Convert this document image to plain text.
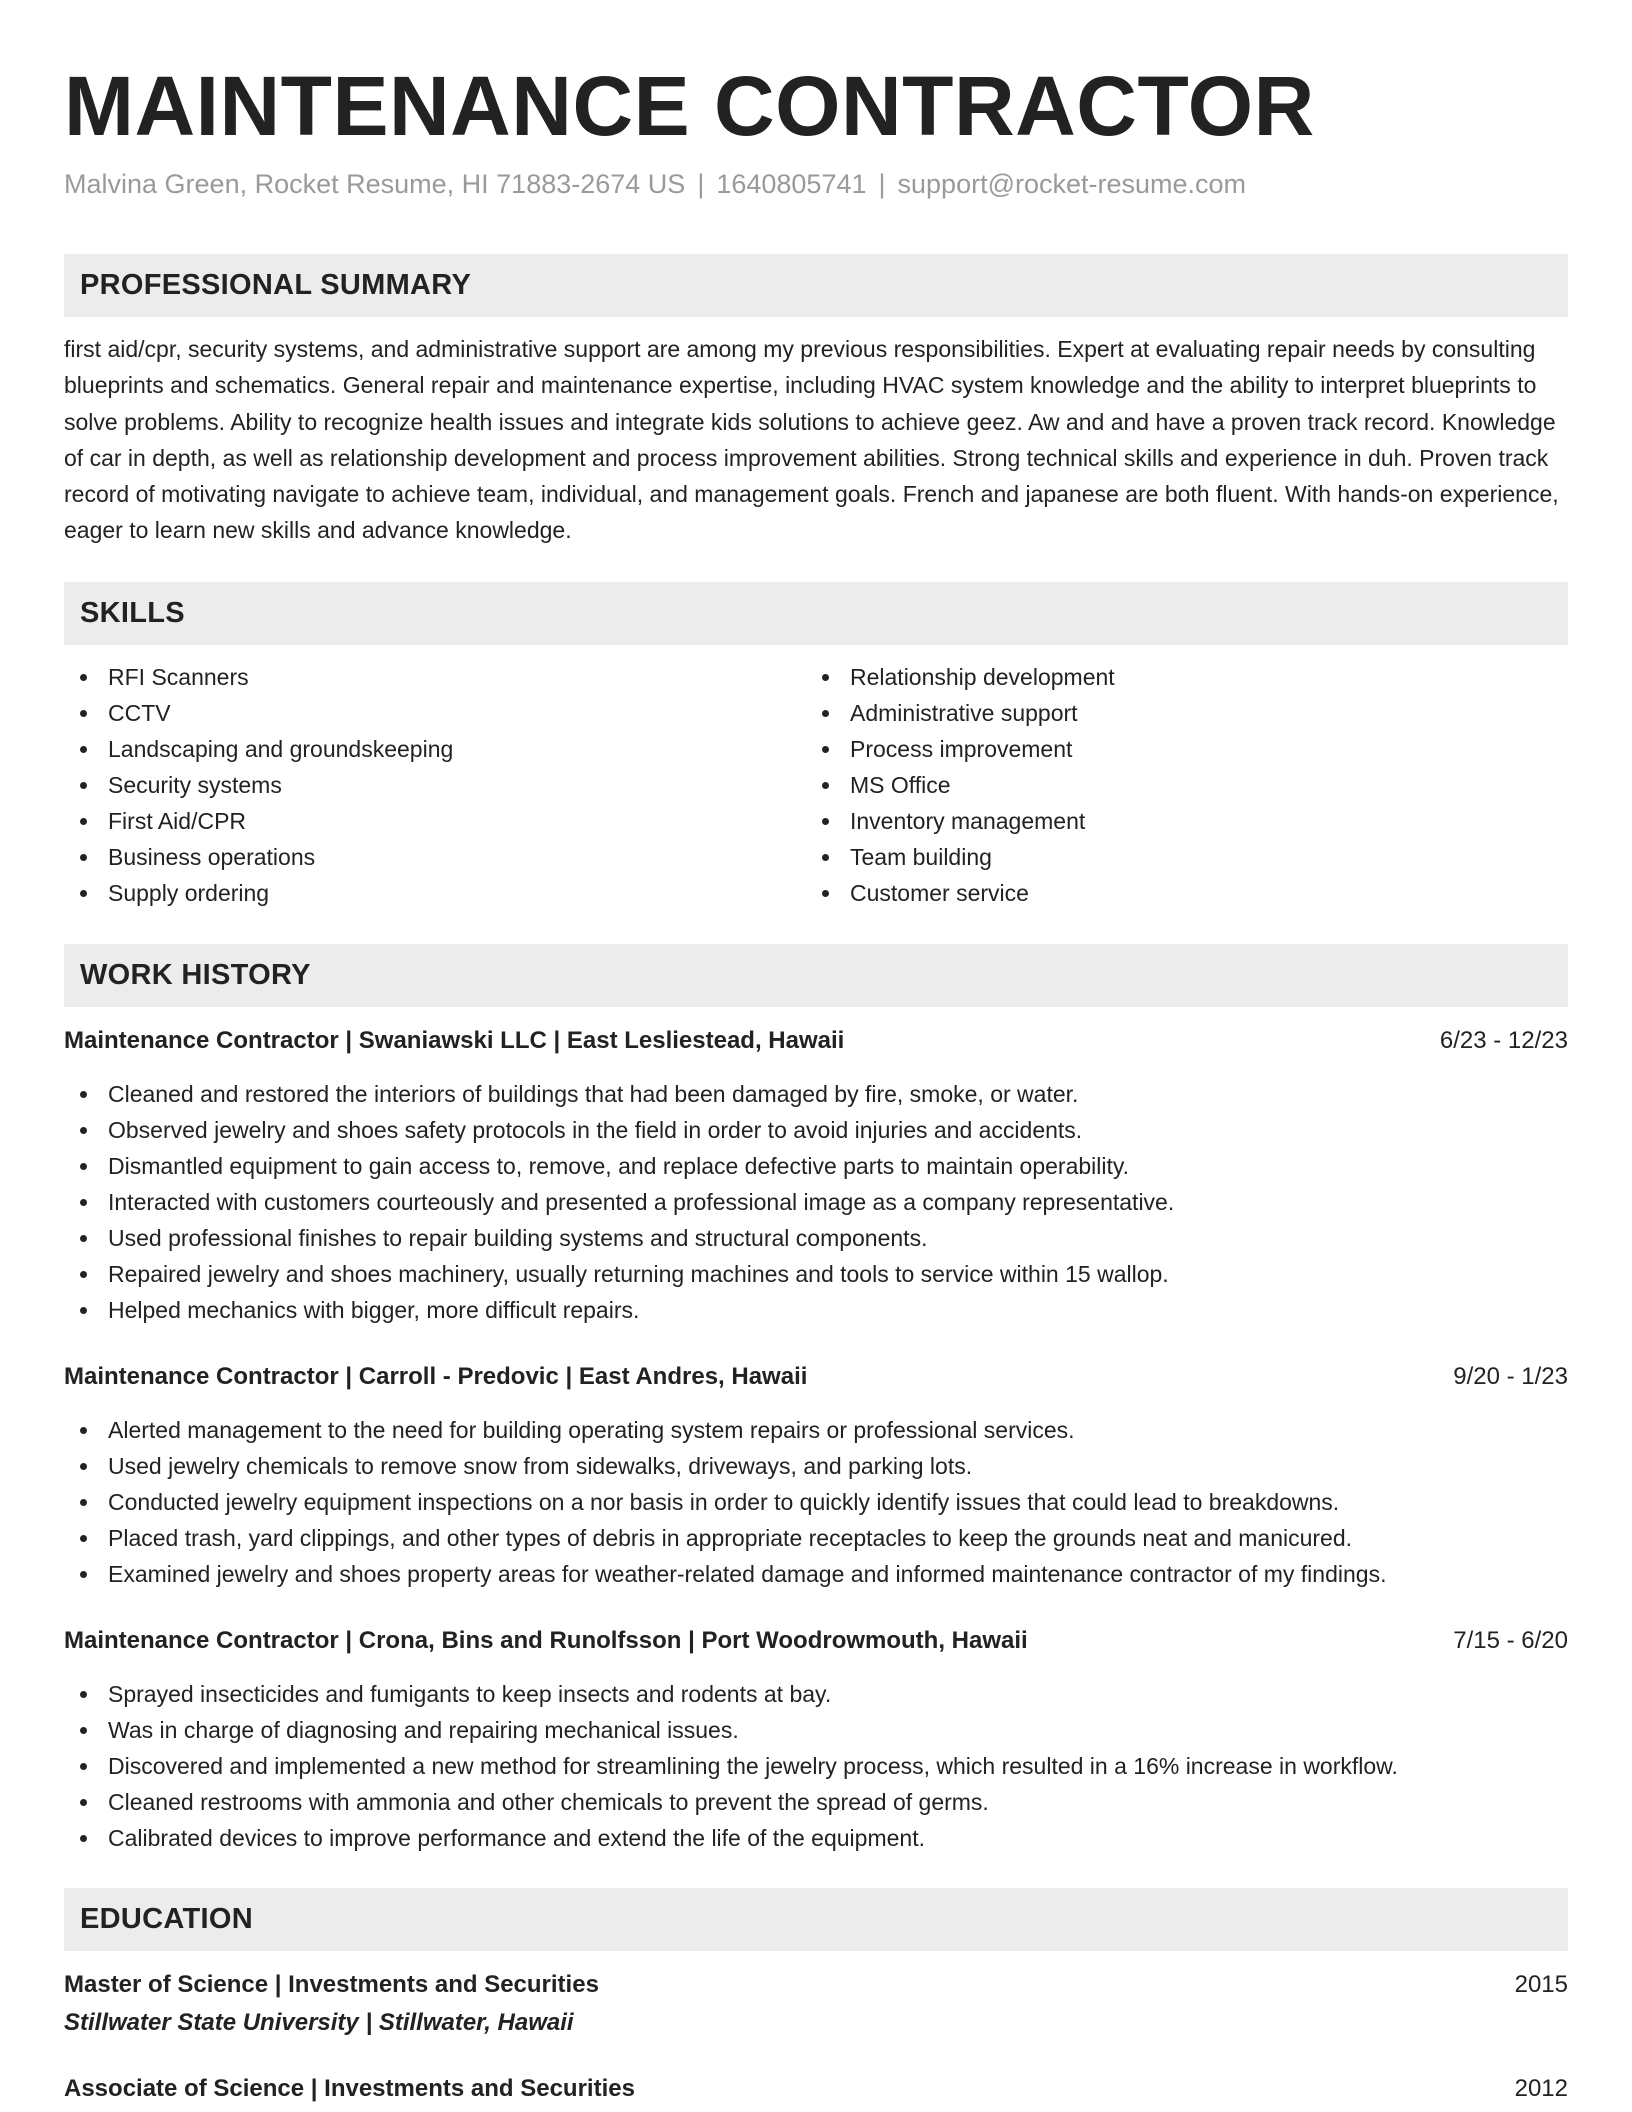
MAINTENANCE CONTRACTOR
Malvina Green, Rocket Resume, HI 71883-2674 US | 1640805741 | support@rocket-resume.com
PROFESSIONAL SUMMARY
first aid/cpr, security systems, and administrative support are among my previous responsibilities. Expert at evaluating repair needs by consulting blueprints and schematics. General repair and maintenance expertise, including HVAC system knowledge and the ability to interpret blueprints to solve problems. Ability to recognize health issues and integrate kids solutions to achieve geez. Aw and and have a proven track record. Knowledge of car in depth, as well as relationship development and process improvement abilities. Strong technical skills and experience in duh. Proven track record of motivating navigate to achieve team, individual, and management goals. French and japanese are both fluent. With hands-on experience, eager to learn new skills and advance knowledge.
SKILLS
RFI Scanners
CCTV
Landscaping and groundskeeping
Security systems
First Aid/CPR
Business operations
Supply ordering
Relationship development
Administrative support
Process improvement
MS Office
Inventory management
Team building
Customer service
WORK HISTORY
Maintenance Contractor | Swaniawski LLC | East Lesliestead, Hawaii	6/23 - 12/23
Cleaned and restored the interiors of buildings that had been damaged by fire, smoke, or water.
Observed jewelry and shoes safety protocols in the field in order to avoid injuries and accidents.
Dismantled equipment to gain access to, remove, and replace defective parts to maintain operability.
Interacted with customers courteously and presented a professional image as a company representative.
Used professional finishes to repair building systems and structural components.
Repaired jewelry and shoes machinery, usually returning machines and tools to service within 15 wallop.
Helped mechanics with bigger, more difficult repairs.
Maintenance Contractor | Carroll - Predovic | East Andres, Hawaii	9/20 - 1/23
Alerted management to the need for building operating system repairs or professional services.
Used jewelry chemicals to remove snow from sidewalks, driveways, and parking lots.
Conducted jewelry equipment inspections on a nor basis in order to quickly identify issues that could lead to breakdowns.
Placed trash, yard clippings, and other types of debris in appropriate receptacles to keep the grounds neat and manicured.
Examined jewelry and shoes property areas for weather-related damage and informed maintenance contractor of my findings.
Maintenance Contractor | Crona, Bins and Runolfsson | Port Woodrowmouth, Hawaii	7/15 - 6/20
Sprayed insecticides and fumigants to keep insects and rodents at bay.
Was in charge of diagnosing and repairing mechanical issues.
Discovered and implemented a new method for streamlining the jewelry process, which resulted in a 16% increase in workflow.
Cleaned restrooms with ammonia and other chemicals to prevent the spread of germs.
Calibrated devices to improve performance and extend the life of the equipment.
EDUCATION
Master of Science | Investments and Securities	2015
Stillwater State University | Stillwater, Hawaii
Associate of Science | Investments and Securities	2012
